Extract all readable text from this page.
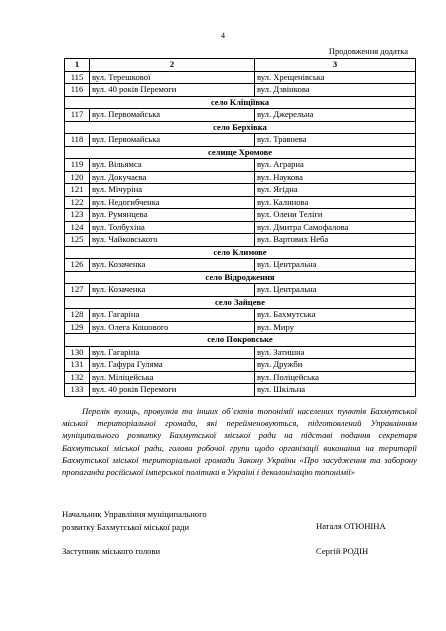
4
Продовження додатка
1	2	3
115	вул. Терешкової	вул. Хрещенівська
116	вул. 40 років Перемоги	вул. Дзвінкова
село Кліщіївка		
117	вул. Первомайська	вул. Джерельна
село Берхівка		
118	вул. Первомайська	вул. Травнева
селище Хромове		
119	вул. Вільямса	вул. Аграрна
120	вул. Докучаєва	вул. Наукова
121	вул. Мічуріна	вул. Ягідна
122	вул. Недогибченка	вул. Калинова
123	вул. Румянцева	вул. Олени Теліги
124	вул. Толбухіна	вул. Дмитра Самофалова
125	вул. Чайковського	вул. Вартових Неба
село Климове		
126	вул. Козаченка	вул. Центральна
село Відродження		
127	вул. Козаченка	вул. Центральна
село Зайцеве		
128	вул. Гагаріна	вул. Бахмутська
129	вул. Олега Кошового	вул. Миру
село Покровське		
130	вул. Гагаріна	вул. Затишна
131	вул. Гафура Гуляма	вул. Дружби
132	вул. Міліцейська	вул. Поліцейська
133	вул. 40 років Перемоги	вул. Шкільна
Перелік вулиць, провулків та інших об`єктів топонімії населених пунктів Бахмутської міської територіальної громади, які перейменовуються, підготовлений Управлінням муніципального розвитку Бахмутської міської ради на підставі подання секретаря Бахмутської міської ради, голови робочої групи щодо організації виконання на території Бахмутської міської територіальної громади Закону України «Про засудження та заборону пропаганди російської імперської політики в Україні і деколонізацію топонімії»
Начальник Управління муніципального
розвитку Бахмутської міської ради	Наталя ОТЮНІНА
Заступник міського голови	Сергій РОДІН
